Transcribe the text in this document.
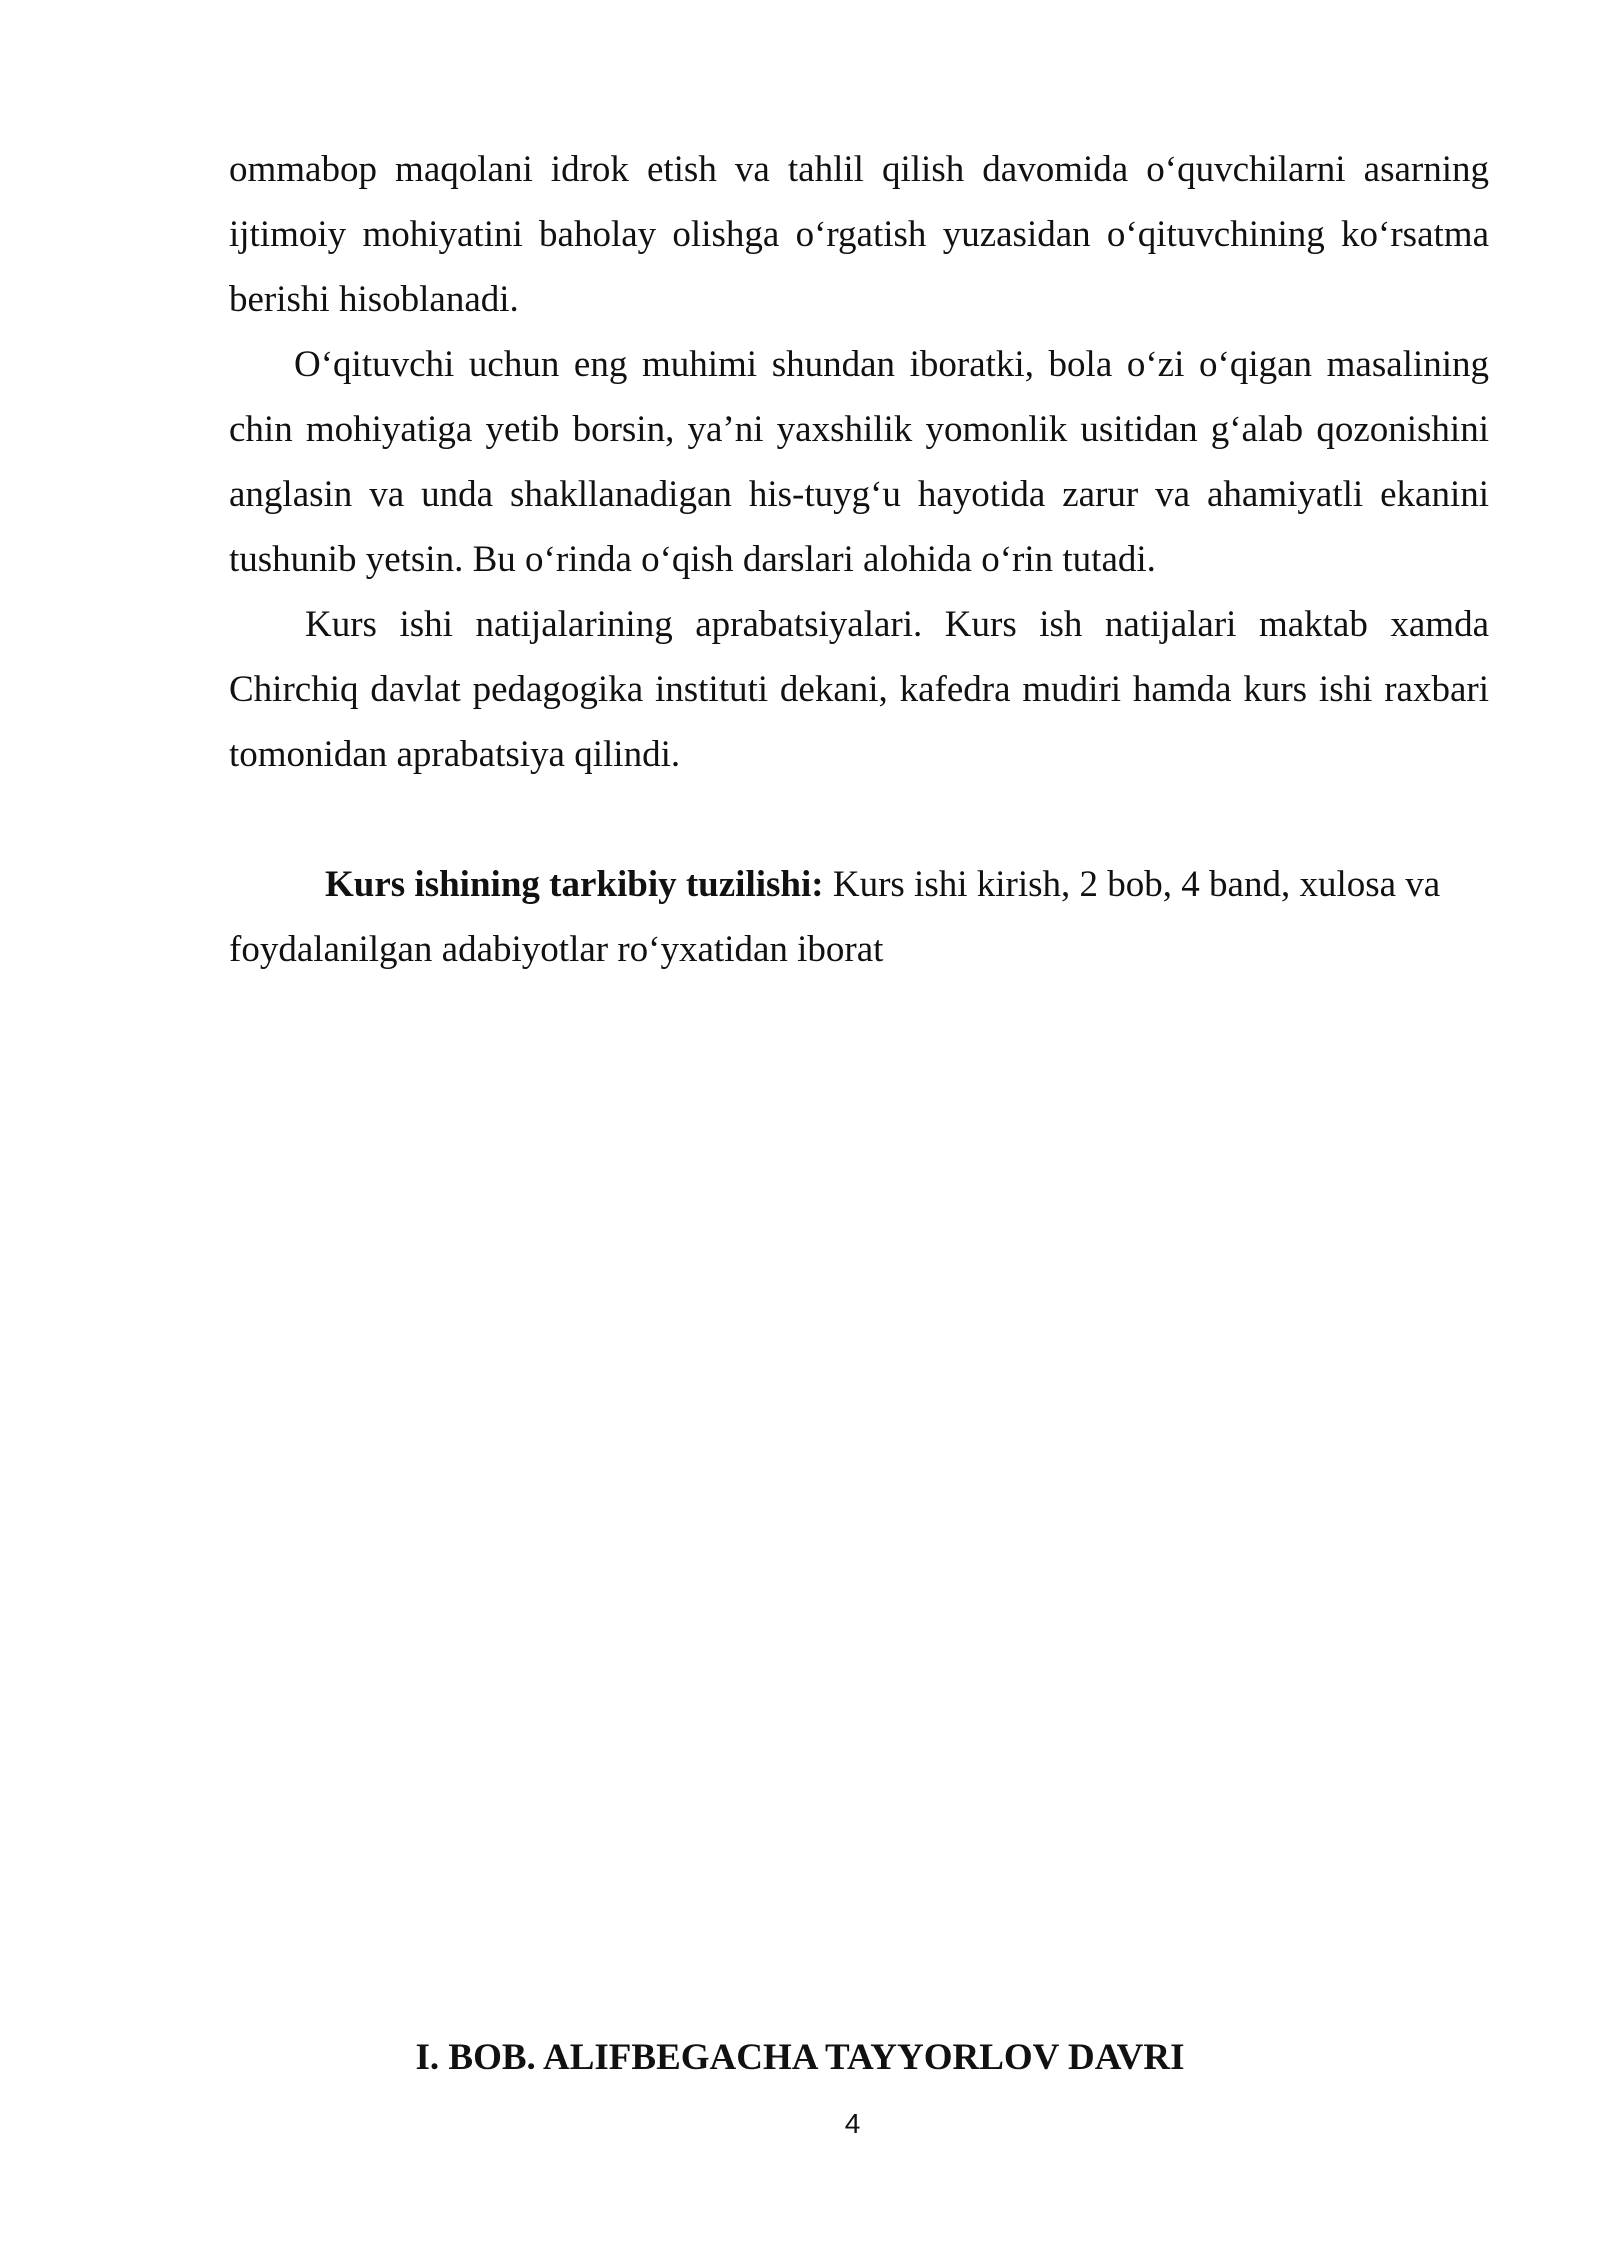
ommabop maqolani idrok etish va tahlil qilish davomida o‘quvchilarni asarning ijtimoiy mohiyatini baholay olishga o‘rgatish yuzasidan o‘qituvchining ko‘rsatma berishi hisoblanadi.

O‘qituvchi uchun eng muhimi shundan iboratki, bola o‘zi o‘qigan masalining chin mohiyatiga yetib borsin, ya’ni yaxshilik yomonlik usitidan g‘alab qozonishini anglasin va unda shakllanadigan his-tuyg‘u hayotida zarur va ahamiyatli ekanini tushunib yetsin. Bu o‘rinda o‘qish darslari alohida o‘rin tutadi.

Kurs ishi natijalarining aprabatsiyalari. Kurs ish natijalari maktab xamda Chirchiq davlat pedagogika instituti dekani, kafedra mudiri hamda kurs ishi raxbari tomonidan aprabatsiya qilindi.

Kurs ishining tarkibiy tuzilishi: Kurs ishi kirish, 2 bob, 4 band, xulosa va foydalanilgan adabiyotlar ro‘yxatidan iborat

I. BOB. ALIFBEGACHA TAYYORLOV DAVRI
4
